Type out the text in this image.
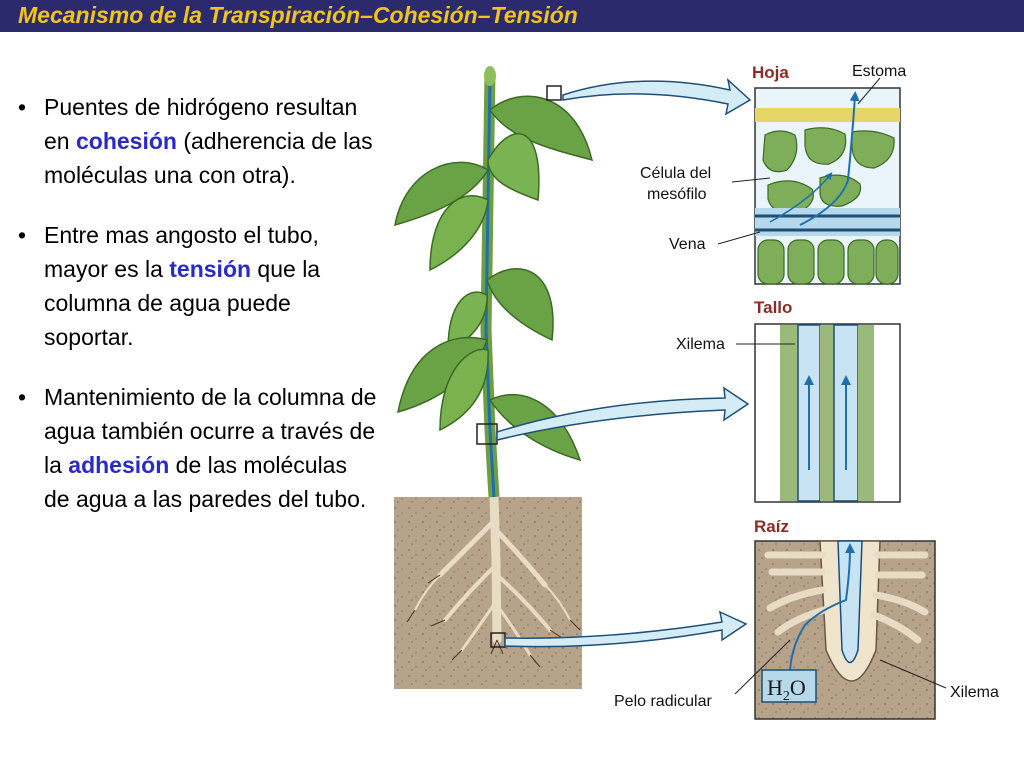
Mecanismo de la Transpiración–Cohesión–Tensión
• Puentes de hidrógeno resultan en cohesión (adherencia de las moléculas una con otra).
• Entre mas angosto el tubo, mayor es la tensión que la columna de agua puede soportar.
• Mantenimiento de la columna de agua también ocurre a través de la adhesión de las moléculas de agua a las paredes del tubo.
Hoja
Tallo
Raíz
Estoma
Célula del
mesófilo
Vena
Xilema
Pelo radicular
Xilema
$H_2O$
